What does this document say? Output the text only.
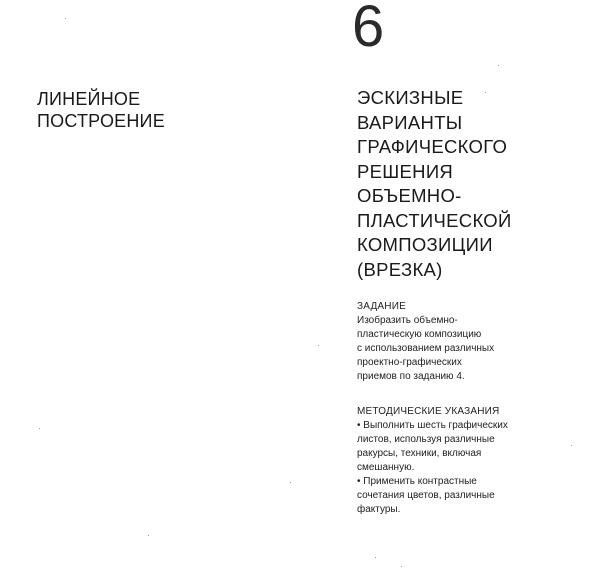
ЛИНЕЙНОЕ
ПОСТРОЕНИЕ
6
ЭСКИЗНЫЕ
ВАРИАНТЫ
ГРАФИЧЕСКОГО
РЕШЕНИЯ
ОБЪЕМНО-
ПЛАСТИЧЕСКОЙ
КОМПОЗИЦИИ
(ВРЕЗКА)
ЗАДАНИЕ
Изобразить объемно-
пластическую композицию
с использованием различных
проектно-графических
приемов по заданию 4.
МЕТОДИЧЕСКИЕ УКАЗАНИЯ
• Выполнить шесть графических
листов, используя различные
ракурсы, техники, включая
смешанную.
• Применить контрастные
сочетания цветов, различные
фактуры.
